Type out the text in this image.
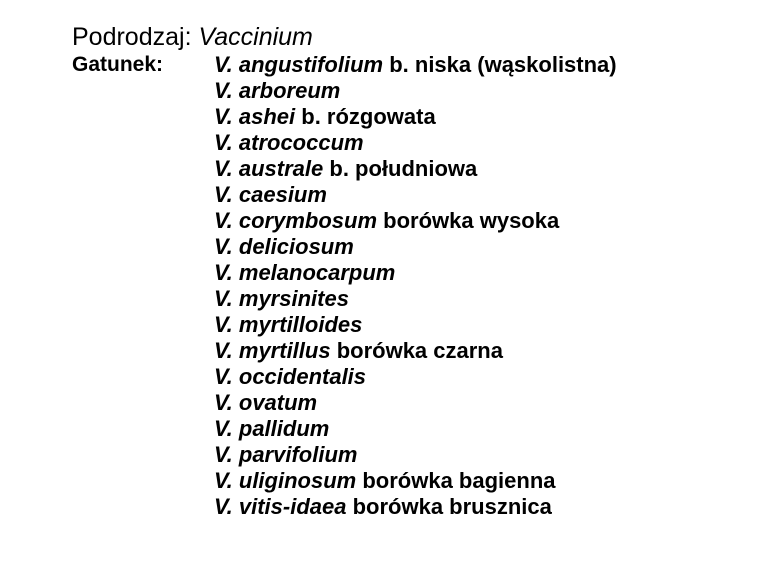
Podrodzaj: Vaccinium
Gatunek: V. angustifolium b. niska (wąskolistna)
V. arboreum
V. ashei b. rózgowata
V. atrococcum
V. australe b. południowa
V. caesium
V. corymbosum borówka wysoka
V. deliciosum
V. melanocarpum
V. myrsinites
V. myrtilloides
V. myrtillus borówka czarna
V. occidentalis
V. ovatum
V. pallidum
V. parvifolium
V. uliginosum borówka bagienna
V. vitis-idaea borówka brusznica
